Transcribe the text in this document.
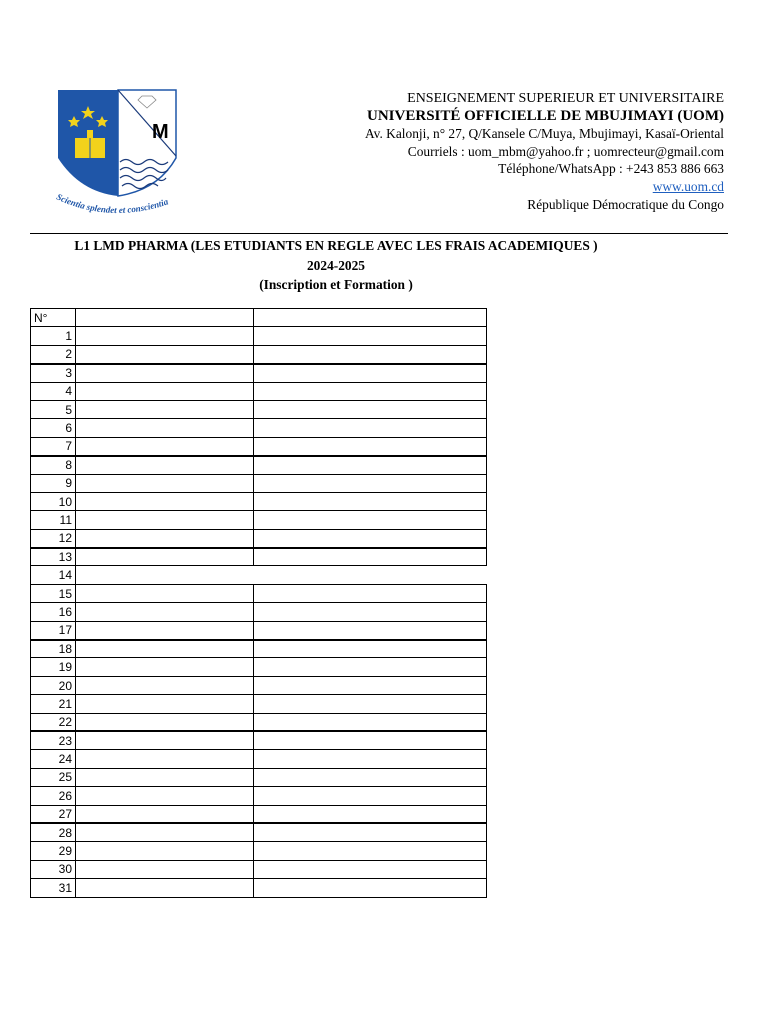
M
Scientia splendet et conscientia
ENSEIGNEMENT SUPERIEUR ET UNIVERSITAIRE
UNIVERSITÉ OFFICIELLE DE MBUJIMAYI (UOM)
Av. Kalonji, n° 27, Q/Kansele C/Muya, Mbujimayi, Kasaï-Oriental
Courriels : uom_mbm@yahoo.fr ; uomrecteur@gmail.com
Téléphone/WhatsApp : +243 853 886 663
www.uom.cd
République Démocratique du Congo
L1 LMD PHARMA (LES ETUDIANTS EN REGLE AVEC LES FRAIS ACADEMIQUES )
2024-2025
(Inscription et Formation )
N°		
1		
2		
3		
4		
5		
6		
7		
8		
9		
10		
11		
12		
13		
14		
15		
16		
17		
18		
19		
20		
21		
22		
23		
24		
25		
26		
27		
28		
29		
30		
31		
